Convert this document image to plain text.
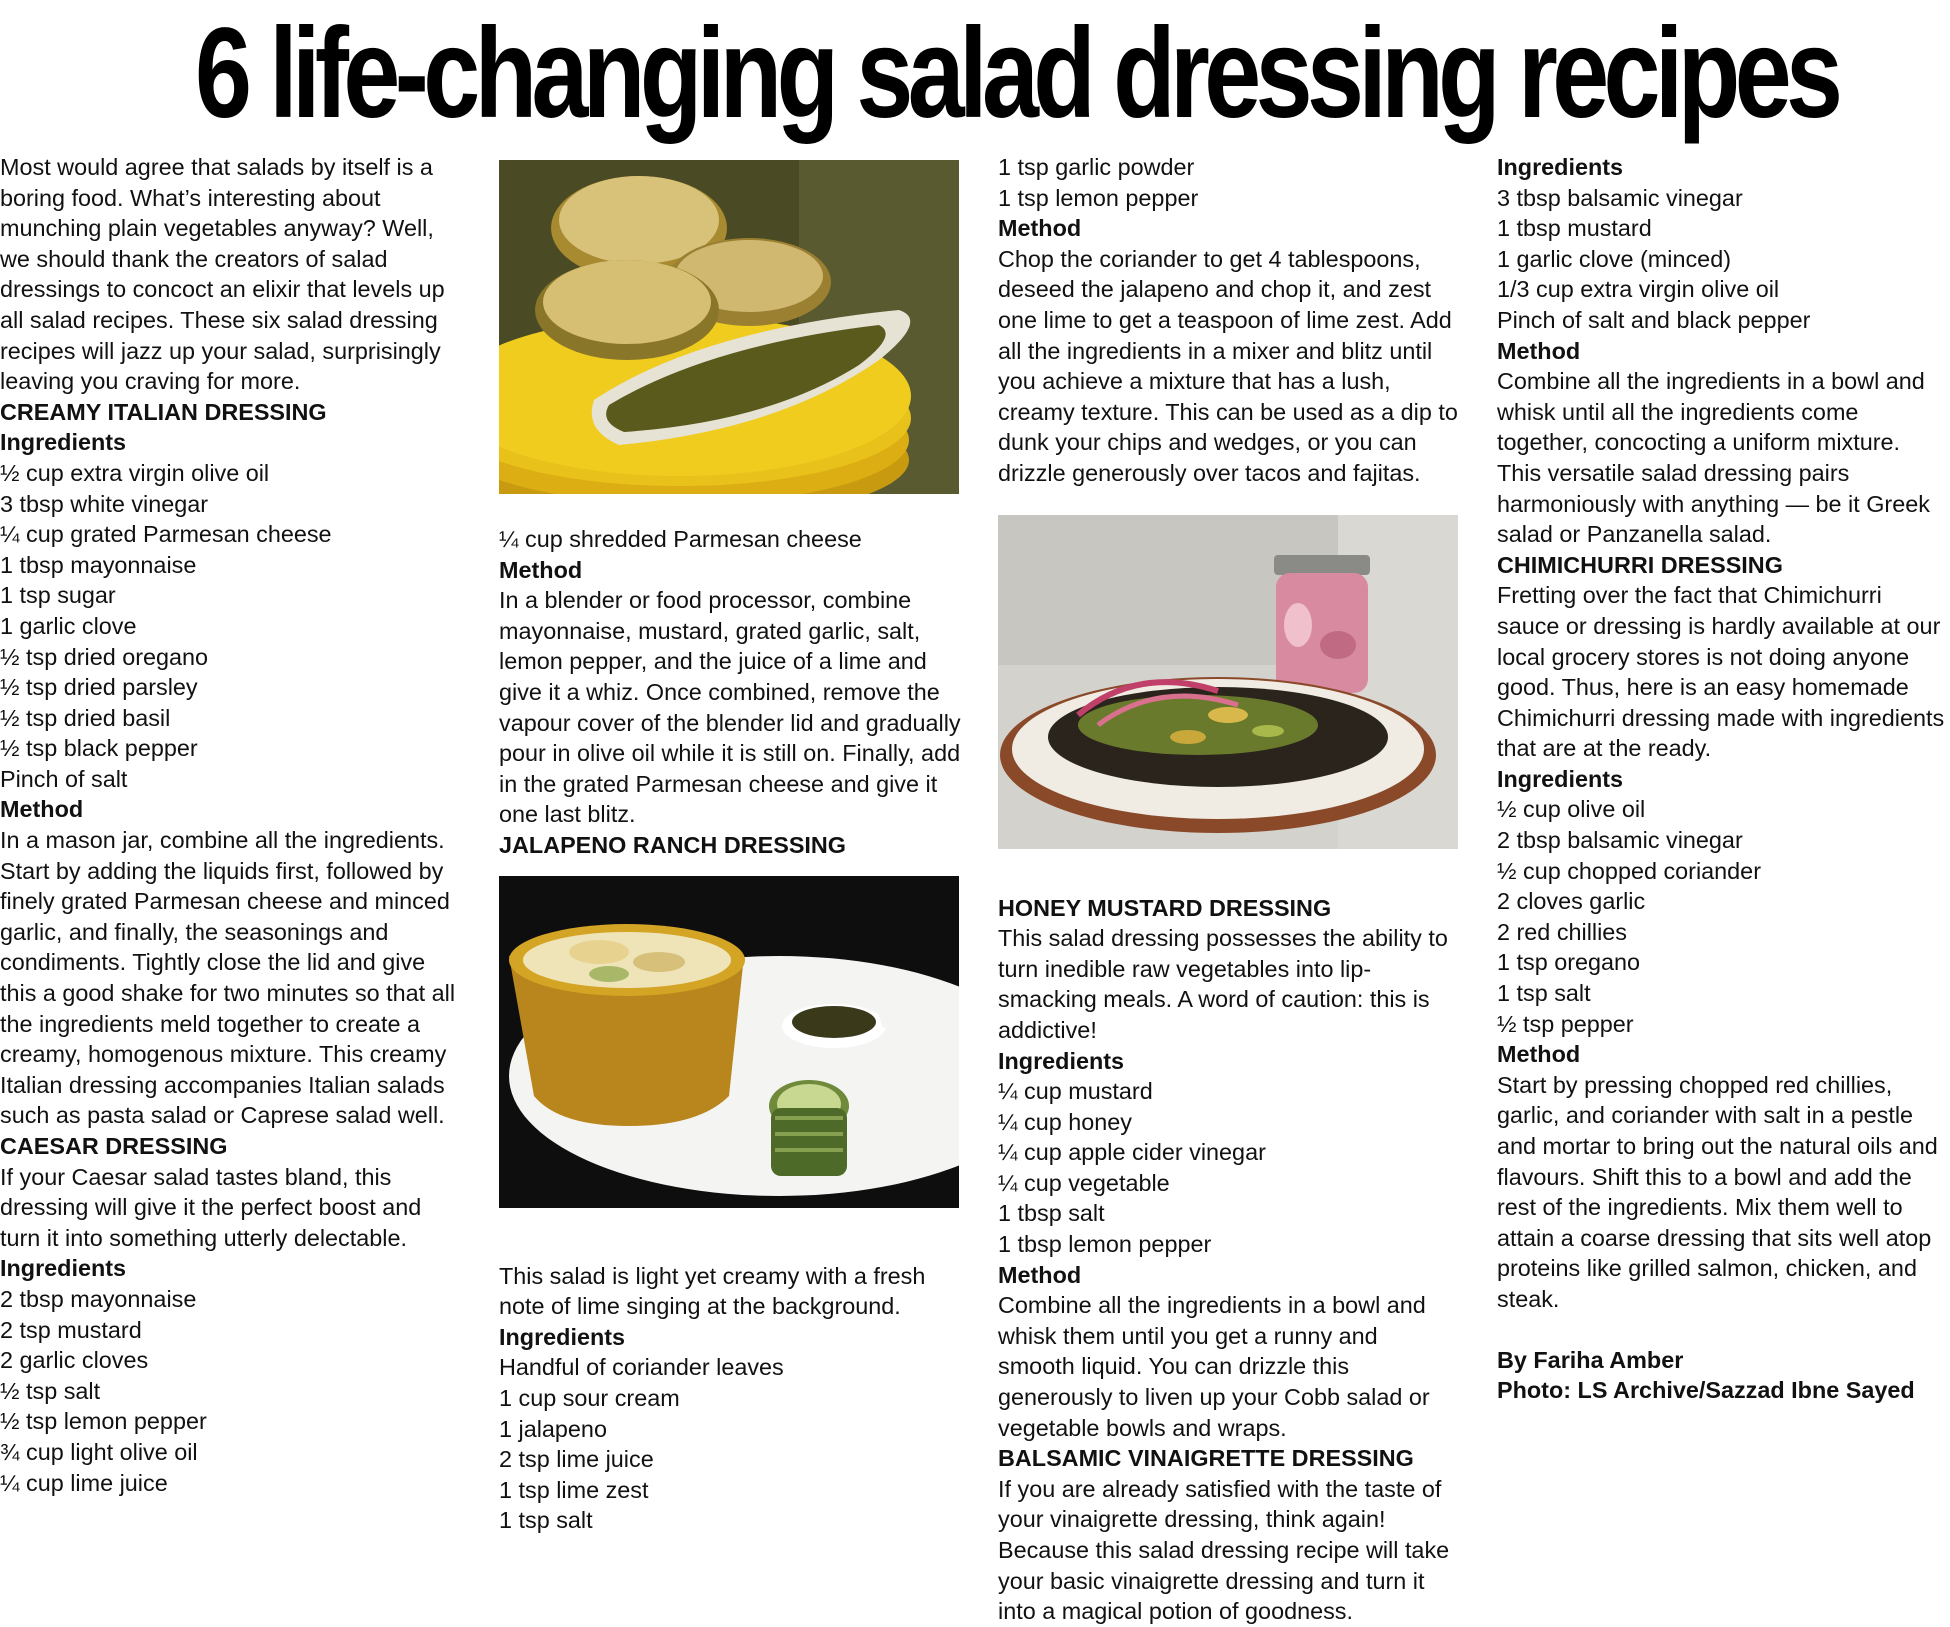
6 life-changing salad dressing recipes

Most would agree that salads by itself is a boring food. What’s interesting about munching plain vegetables anyway? Well, we should thank the creators of salad dressings to concoct an elixir that levels up all salad recipes. These six salad dressing recipes will jazz up your salad, surprisingly leaving you craving for more.

CREAMY ITALIAN DRESSING

Ingredients

½ cup extra virgin olive oil
3 tbsp white vinegar
¼ cup grated Parmesan cheese
1 tbsp mayonnaise
1 tsp sugar
1 garlic clove
½ tsp dried oregano
½ tsp dried parsley
½ tsp dried basil
½ tsp black pepper
Pinch of salt

Method

In a mason jar, combine all the ingredients. Start by adding the liquids first, followed by finely grated Parmesan cheese and minced garlic, and finally, the seasonings and condiments. Tightly close the lid and give this a good shake for two minutes so that all the ingredients meld together to create a creamy, homogenous mixture. This creamy Italian dressing accompanies Italian salads such as pasta salad or Caprese salad well.

CAESAR DRESSING

If your Caesar salad tastes bland, this dressing will give it the perfect boost and turn it into something utterly delectable.

Ingredients

2 tbsp mayonnaise
2 tsp mustard
2 garlic cloves
½ tsp salt
½ tsp lemon pepper
¾ cup light olive oil
¼ cup lime juice
¼ cup shredded Parmesan cheese

Method

In a blender or food processor, combine mayonnaise, mustard, grated garlic, salt, lemon pepper, and the juice of a lime and give it a whiz. Once combined, remove the vapour cover of the blender lid and gradually pour in olive oil while it is still on. Finally, add in the grated Parmesan cheese and give it one last blitz.

JALAPENO RANCH DRESSING

This salad is light yet creamy with a fresh note of lime singing at the background.

Ingredients

Handful of coriander leaves
1 cup sour cream
1 jalapeno
2 tsp lime juice
1 tsp lime zest
1 tsp salt
1 tsp garlic powder
1 tsp lemon pepper

Method

Chop the coriander to get 4 tablespoons, deseed the jalapeno and chop it, and zest one lime to get a teaspoon of lime zest. Add all the ingredients in a mixer and blitz until you achieve a mixture that has a lush, creamy texture. This can be used as a dip to dunk your chips and wedges, or you can drizzle generously over tacos and fajitas.

HONEY MUSTARD DRESSING

This salad dressing possesses the ability to turn inedible raw vegetables into lip-smacking meals. A word of caution: this is addictive!

Ingredients

¼ cup mustard
¼ cup honey
¼ cup apple cider vinegar
¼ cup vegetable
1 tbsp salt
1 tbsp lemon pepper

Method

Combine all the ingredients in a bowl and whisk them until you get a runny and smooth liquid. You can drizzle this generously to liven up your Cobb salad or vegetable bowls and wraps.

BALSAMIC VINAIGRETTE DRESSING

If you are already satisfied with the taste of your vinaigrette dressing, think again! Because this salad dressing recipe will take your basic vinaigrette dressing and turn it into a magical potion of goodness.

Ingredients

3 tbsp balsamic vinegar
1 tbsp mustard
1 garlic clove (minced)
1/3 cup extra virgin olive oil
Pinch of salt and black pepper

Method

Combine all the ingredients in a bowl and whisk until all the ingredients come together, concocting a uniform mixture. This versatile salad dressing pairs harmoniously with anything — be it Greek salad or Panzanella salad.

CHIMICHURRI DRESSING

Fretting over the fact that Chimichurri sauce or dressing is hardly available at our local grocery stores is not doing anyone good. Thus, here is an easy homemade Chimichurri dressing made with ingredients that are at the ready.

Ingredients

½ cup olive oil
2 tbsp balsamic vinegar
½ cup chopped coriander
2 cloves garlic
2 red chillies
1 tsp oregano
1 tsp salt
½ tsp pepper

Method

Start by pressing chopped red chillies, garlic, and coriander with salt in a pestle and mortar to bring out the natural oils and flavours. Shift this to a bowl and add the rest of the ingredients. Mix them well to attain a coarse dressing that sits well atop proteins like grilled salmon, chicken, and steak.

By Fariha Amber

Photo: LS Archive/Sazzad Ibne Sayed
